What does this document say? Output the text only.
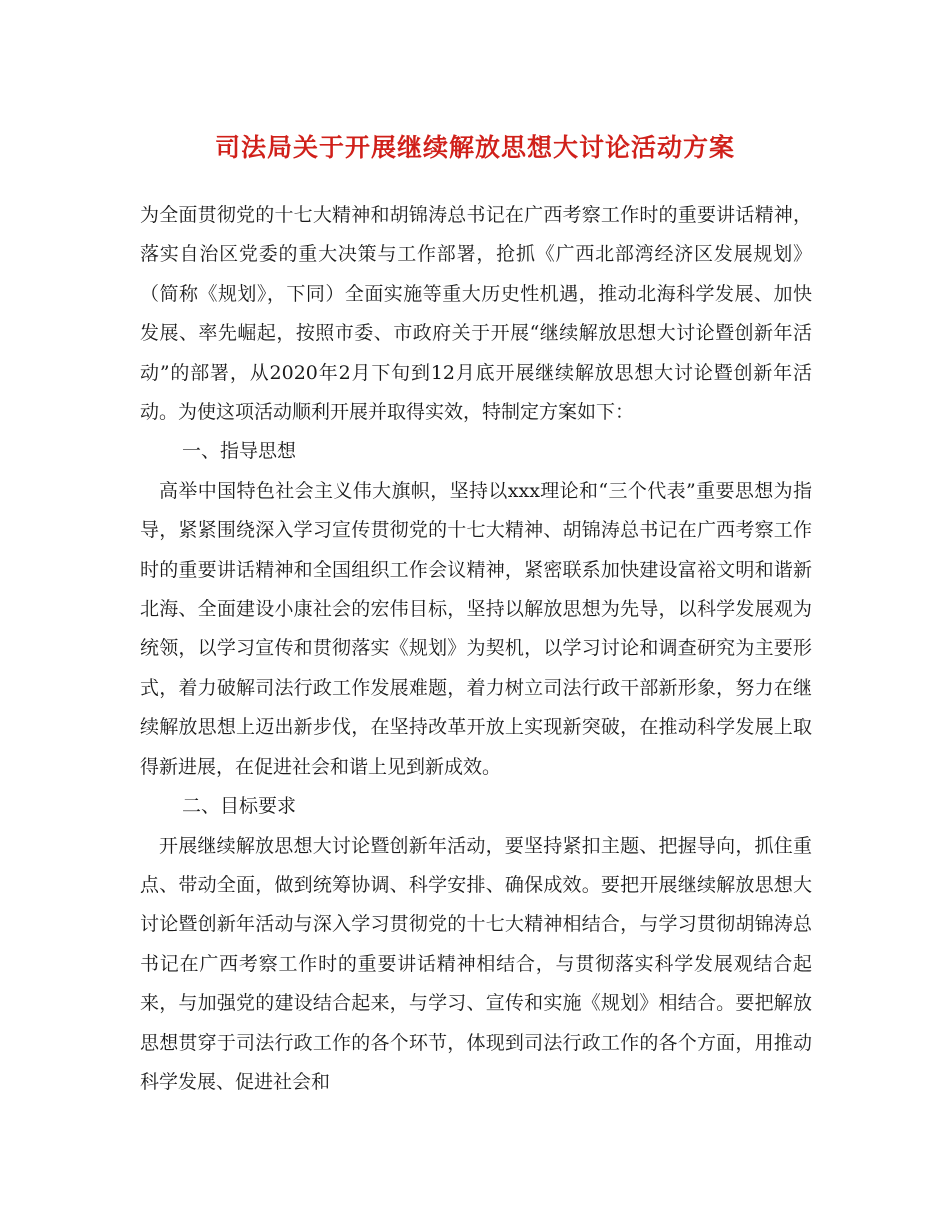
司法局关于开展继续解放思想大讨论活动方案

为全面贯彻党的十七大精神和胡锦涛总书记在广西考察工作时的重要讲话精神，落实自治区党委的重大决策与工作部署，抢抓《广西北部湾经济区发展规划》（简称《规划》，下同）全面实施等重大历史性机遇，推动北海科学发展、加快发展、率先崛起，按照市委、市政府关于开展“继续解放思想大讨论暨创新年活动”的部署，从2020年2月下旬到12月底开展继续解放思想大讨论暨创新年活动。为使这项活动顺利开展并取得实效，特制定方案如下：

一、指导思想

高举中国特色社会主义伟大旗帜，坚持以xxx理论和“三个代表”重要思想为指导，紧紧围绕深入学习宣传贯彻党的十七大精神、胡锦涛总书记在广西考察工作时的重要讲话精神和全国组织工作会议精神，紧密联系加快建设富裕文明和谐新北海、全面建设小康社会的宏伟目标，坚持以解放思想为先导，以科学发展观为统领，以学习宣传和贯彻落实《规划》为契机，以学习讨论和调查研究为主要形式，着力破解司法行政工作发展难题，着力树立司法行政干部新形象，努力在继续解放思想上迈出新步伐，在坚持改革开放上实现新突破，在推动科学发展上取得新进展，在促进社会和谐上见到新成效。

二、目标要求

开展继续解放思想大讨论暨创新年活动，要坚持紧扣主题、把握导向，抓住重点、带动全面，做到统筹协调、科学安排、确保成效。要把开展继续解放思想大讨论暨创新年活动与深入学习贯彻党的十七大精神相结合，与学习贯彻胡锦涛总书记在广西考察工作时的重要讲话精神相结合，与贯彻落实科学发展观结合起来，与加强党的建设结合起来，与学习、宣传和实施《规划》相结合。要把解放思想贯穿于司法行政工作的各个环节，体现到司法行政工作的各个方面，用推动科学发展、促进社会和
